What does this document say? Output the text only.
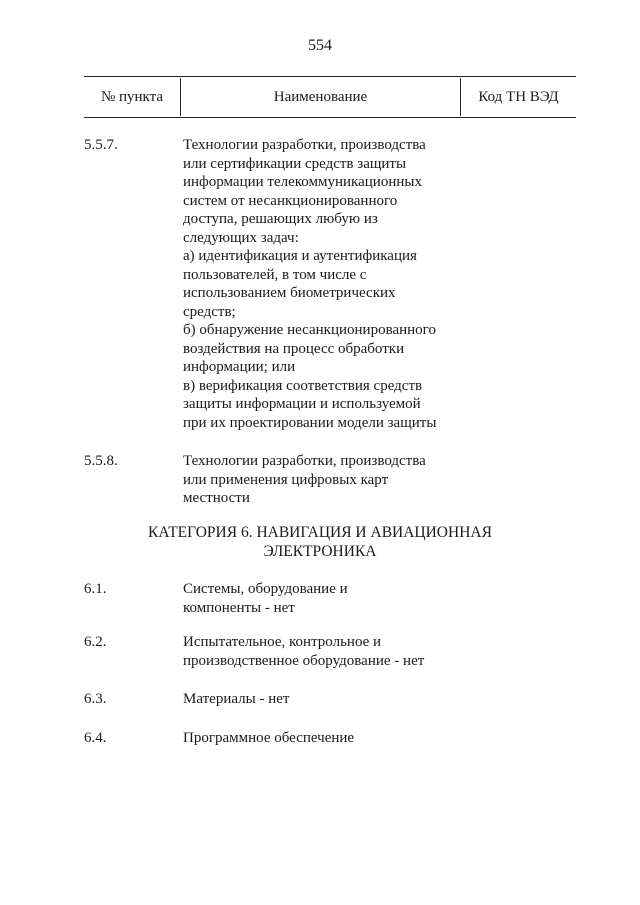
554
№ пункта	Наименование	Код ТН ВЭД
5.5.7.	Технологии разработки, производства
или сертификации средств защиты
информации телекоммуникационных
систем от несанкционированного
доступа, решающих любую из
следующих задач:
а) идентификация и аутентификация
пользователей, в том числе с
использованием биометрических
средств;
б) обнаружение несанкционированного
воздействия на процесс обработки
информации; или
в) верификация соответствия средств
защиты информации и используемой
при их проектировании модели защиты
5.5.8.	Технологии разработки, производства
или применения цифровых карт
местности
КАТЕГОРИЯ 6. НАВИГАЦИЯ И АВИАЦИОННАЯ
ЭЛЕКТРОНИКА
6.1.	Системы, оборудование и
компоненты - нет
6.2.	Испытательное, контрольное и
производственное оборудование - нет
6.3.	Материалы - нет
6.4.	Программное обеспечение
